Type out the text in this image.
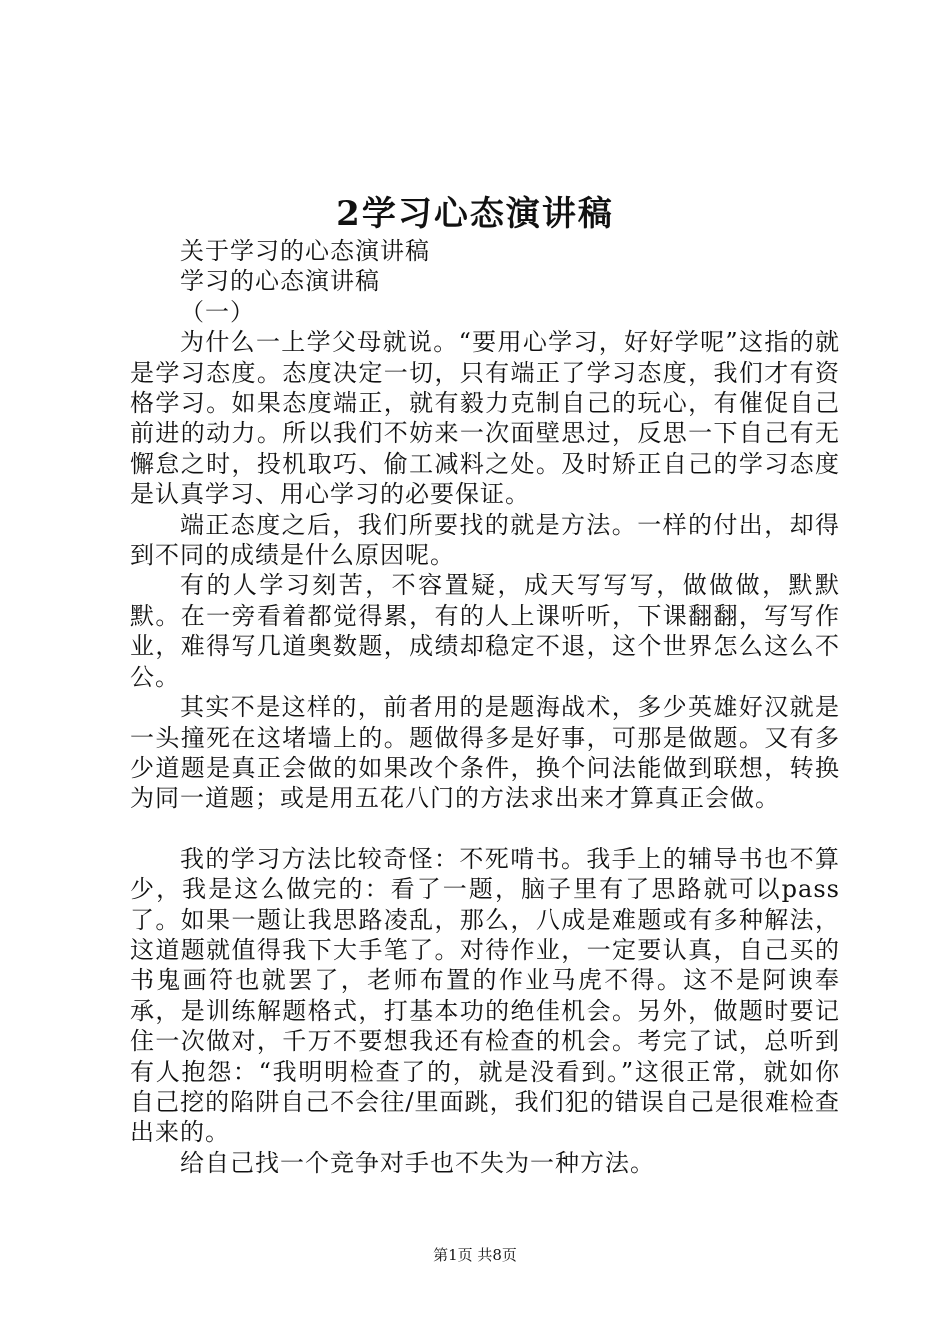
2学习心态演讲稿

关于学习的心态演讲稿

学习的心态演讲稿

（一）

为什么一上学父母就说。“要用心学习，好好学呢”这指的就是学习态度。态度决定一切，只有端正了学习态度，我们才有资格学习。如果态度端正，就有毅力克制自己的玩心，有催促自己前进的动力。所以我们不妨来一次面壁思过，反思一下自己有无懈怠之时，投机取巧、偷工减料之处。及时矫正自己的学习态度是认真学习、用心学习的必要保证。

端正态度之后，我们所要找的就是方法。一样的付出，却得到不同的成绩是什么原因呢。

有的人学习刻苦，不容置疑，成天写写写，做做做，默默默。在一旁看着都觉得累，有的人上课听听，下课翻翻，写写作业，难得写几道奥数题，成绩却稳定不退，这个世界怎么这么不公。

其实不是这样的，前者用的是题海战术，多少英雄好汉就是一头撞死在这堵墙上的。题做得多是好事，可那是做题。又有多少道题是真正会做的如果改个条件，换个问法能做到联想，转换为同一道题；或是用五花八门的方法求出来才算真正会做。

我的学习方法比较奇怪：不死啃书。我手上的辅导书也不算少，我是这么做完的：看了一题，脑子里有了思路就可以pass了。如果一题让我思路凌乱，那么，八成是难题或有多种解法，这道题就值得我下大手笔了。对待作业，一定要认真，自己买的书鬼画符也就罢了，老师布置的作业马虎不得。这不是阿谀奉承，是训练解题格式，打基本功的绝佳机会。另外，做题时要记住一次做对，千万不要想我还有检查的机会。考完了试，总听到有人抱怨：“我明明检查了的，就是没看到。”这很正常，就如你自己挖的陷阱自己不会往/里面跳，我们犯的错误自己是很难检查出来的。

给自己找一个竞争对手也不失为一种方法。

第1页 共8页
